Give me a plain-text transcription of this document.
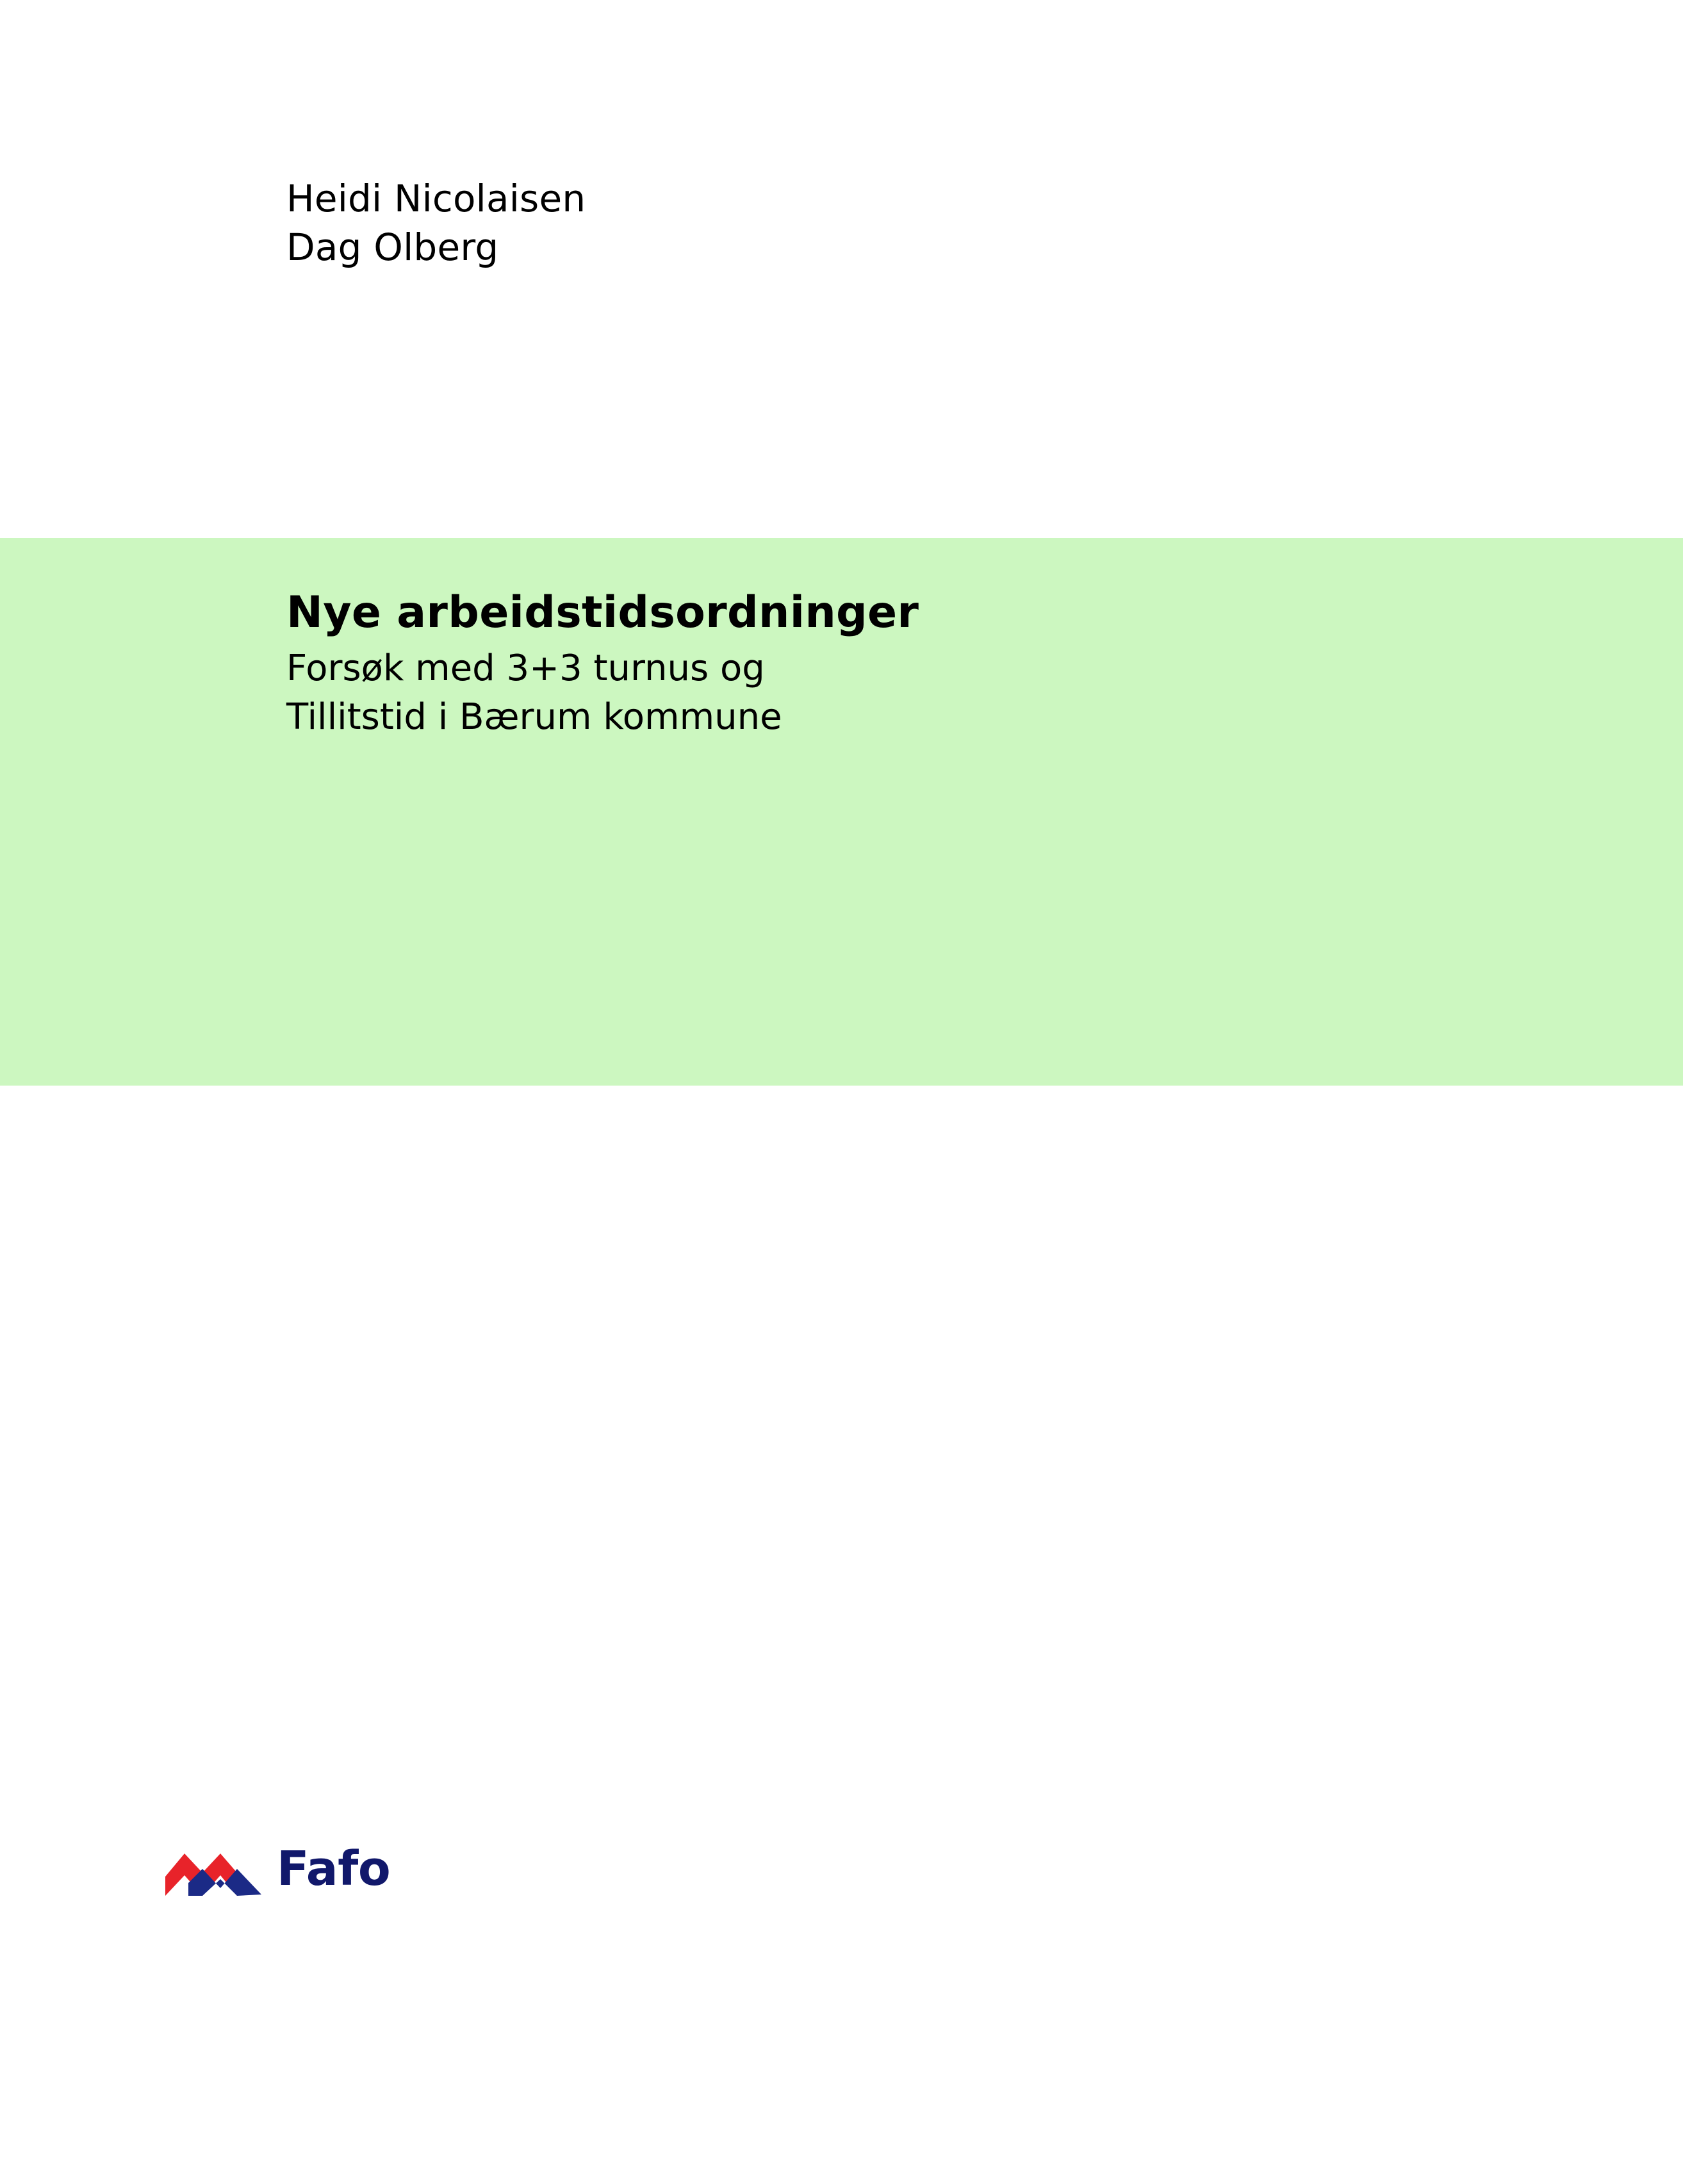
Heidi Nicolaisen
Dag Olberg
Nye arbeidstidsordninger
Forsøk med 3+3 turnus og
Tillitstid i Bærum kommune
Fafo
